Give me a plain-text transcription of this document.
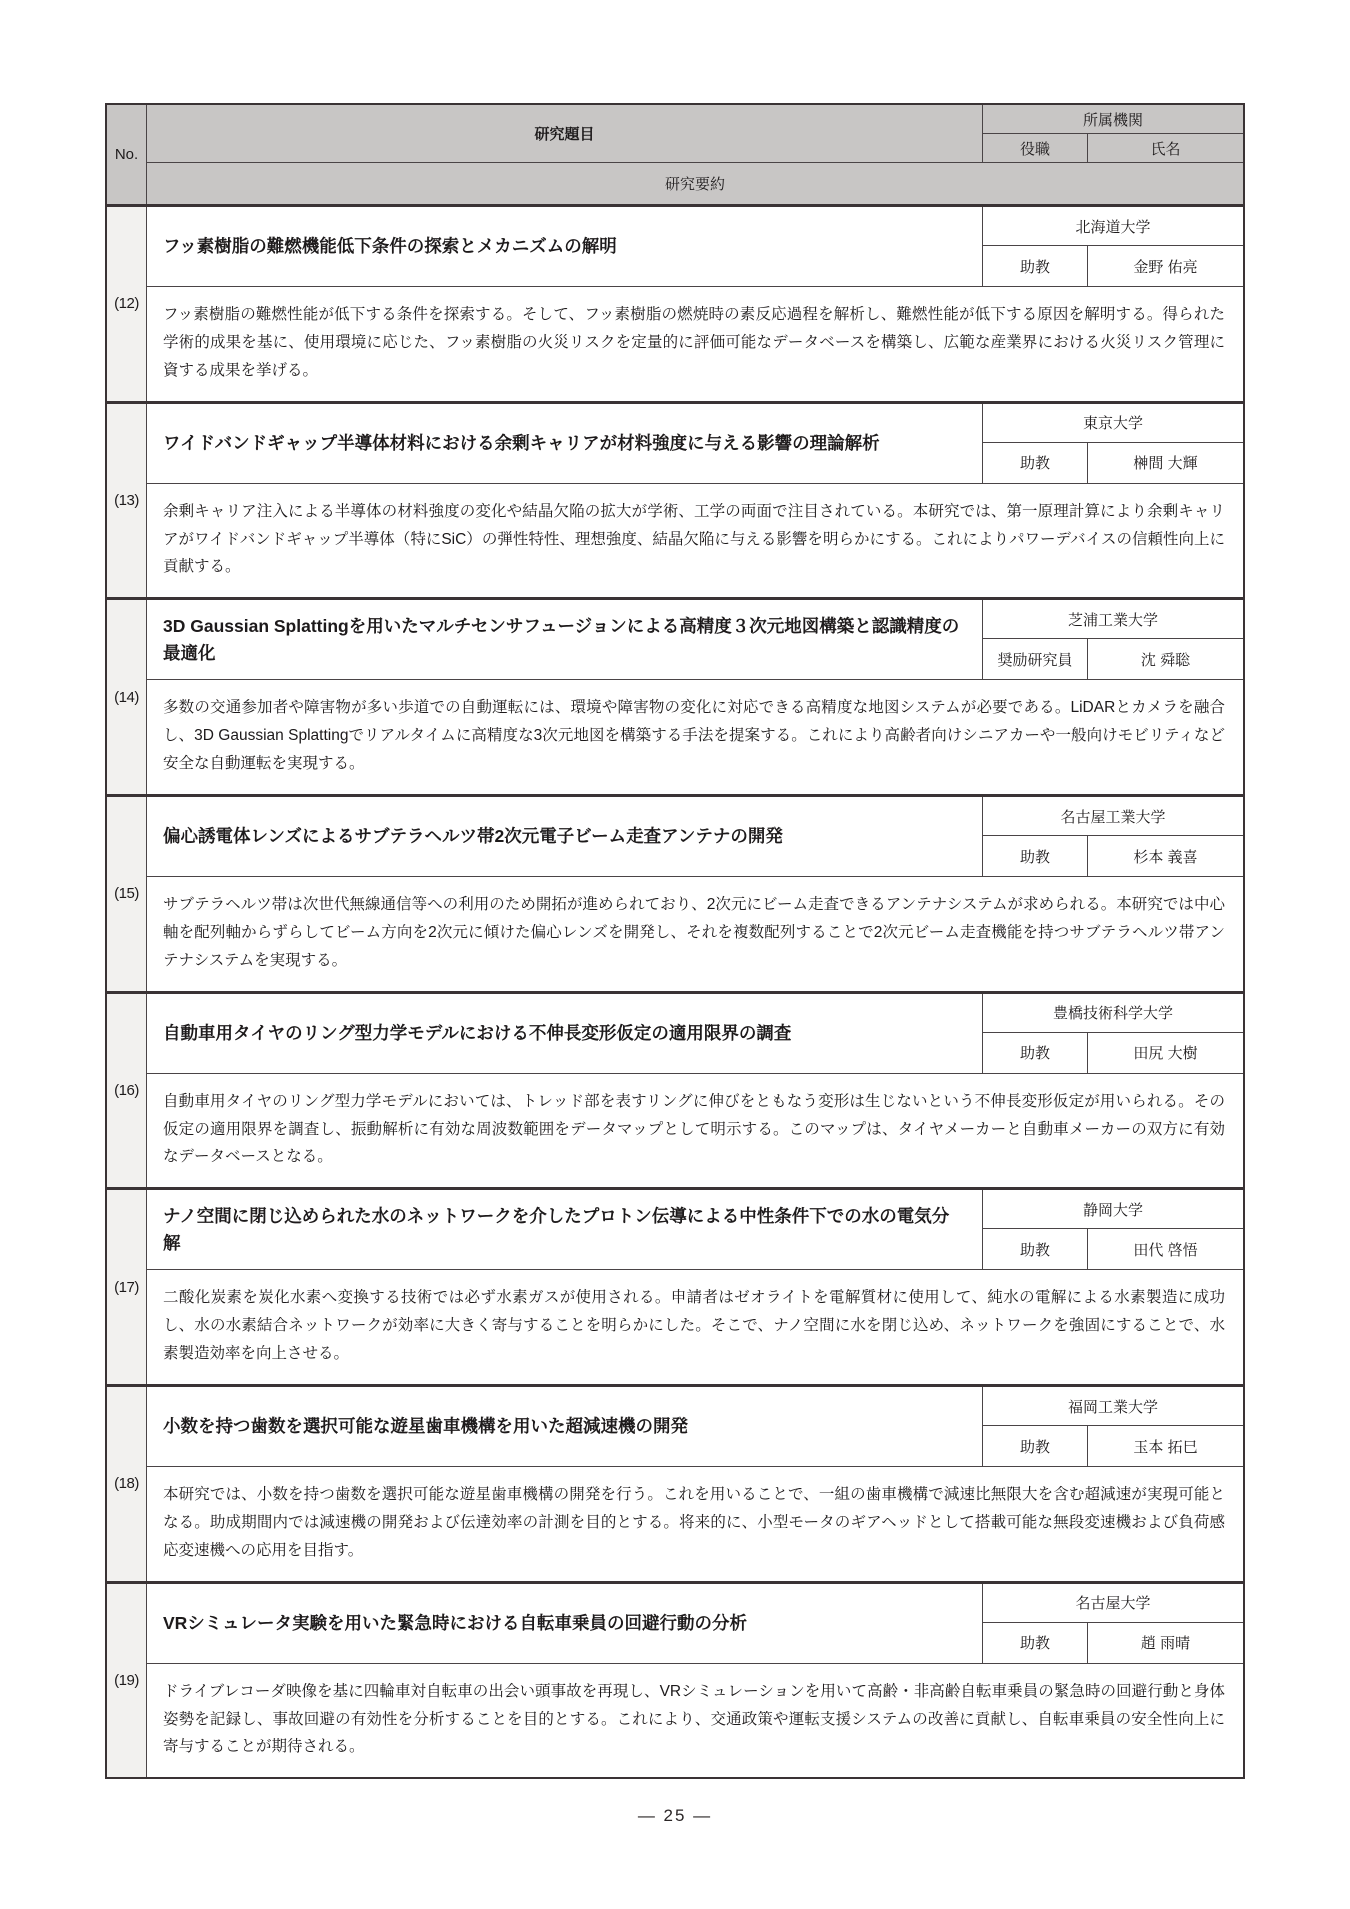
No.
研究題目
所属機関
役職	氏名
研究要約
(12)
フッ素樹脂の難燃機能低下条件の探索とメカニズムの解明
北海道大学
助教	金野 佑亮
フッ素樹脂の難燃性能が低下する条件を探索する。そして、フッ素樹脂の燃焼時の素反応過程を解析し、難燃性能が低下する原因を解明する。得られた学術的成果を基に、使用環境に応じた、フッ素樹脂の火災リスクを定量的に評価可能なデータベースを構築し、広範な産業界における火災リスク管理に資する成果を挙げる。
(13)
ワイドバンドギャップ半導体材料における余剰キャリアが材料強度に与える影響の理論解析
東京大学
助教	榊間 大輝
余剰キャリア注入による半導体の材料強度の変化や結晶欠陥の拡大が学術、工学の両面で注目されている。本研究では、第一原理計算により余剰キャリアがワイドバンドギャップ半導体（特にSiC）の弾性特性、理想強度、結晶欠陥に与える影響を明らかにする。これによりパワーデバイスの信頼性向上に貢献する。
(14)
3D Gaussian Splattingを用いたマルチセンサフュージョンによる高精度３次元地図構築と認識精度の最適化
芝浦工業大学
奨励研究員	沈 舜聡
多数の交通参加者や障害物が多い歩道での自動運転には、環境や障害物の変化に対応できる高精度な地図システムが必要である。LiDARとカメラを融合し、3D Gaussian Splattingでリアルタイムに高精度な3次元地図を構築する手法を提案する。これにより高齢者向けシニアカーや一般向けモビリティなど安全な自動運転を実現する。
(15)
偏心誘電体レンズによるサブテラヘルツ帯2次元電子ビーム走査アンテナの開発
名古屋工業大学
助教	杉本 義喜
サブテラヘルツ帯は次世代無線通信等への利用のため開拓が進められており、2次元にビーム走査できるアンテナシステムが求められる。本研究では中心軸を配列軸からずらしてビーム方向を2次元に傾けた偏心レンズを開発し、それを複数配列することで2次元ビーム走査機能を持つサブテラヘルツ帯アンテナシステムを実現する。
(16)
自動車用タイヤのリング型力学モデルにおける不伸長変形仮定の適用限界の調査
豊橋技術科学大学
助教	田尻 大樹
自動車用タイヤのリング型力学モデルにおいては、トレッド部を表すリングに伸びをともなう変形は生じないという不伸長変形仮定が用いられる。その仮定の適用限界を調査し、振動解析に有効な周波数範囲をデータマップとして明示する。このマップは、タイヤメーカーと自動車メーカーの双方に有効なデータベースとなる。
(17)
ナノ空間に閉じ込められた水のネットワークを介したプロトン伝導による中性条件下での水の電気分解
静岡大学
助教	田代 啓悟
二酸化炭素を炭化水素へ変換する技術では必ず水素ガスが使用される。申請者はゼオライトを電解質材に使用して、純水の電解による水素製造に成功し、水の水素結合ネットワークが効率に大きく寄与することを明らかにした。そこで、ナノ空間に水を閉じ込め、ネットワークを強固にすることで、水素製造効率を向上させる。
(18)
小数を持つ歯数を選択可能な遊星歯車機構を用いた超減速機の開発
福岡工業大学
助教	玉本 拓巳
本研究では、小数を持つ歯数を選択可能な遊星歯車機構の開発を行う。これを用いることで、一組の歯車機構で減速比無限大を含む超減速が実現可能となる。助成期間内では減速機の開発および伝達効率の計測を目的とする。将来的に、小型モータのギアヘッドとして搭載可能な無段変速機および負荷感応変速機への応用を目指す。
(19)
VRシミュレータ実験を用いた緊急時における自転車乗員の回避行動の分析
名古屋大学
助教	趙 雨晴
ドライブレコーダ映像を基に四輪車対自転車の出会い頭事故を再現し、VRシミュレーションを用いて高齢・非高齢自転車乗員の緊急時の回避行動と身体姿勢を記録し、事故回避の有効性を分析することを目的とする。これにより、交通政策や運転支援システムの改善に貢献し、自転車乗員の安全性向上に寄与することが期待される。
— 25 —
